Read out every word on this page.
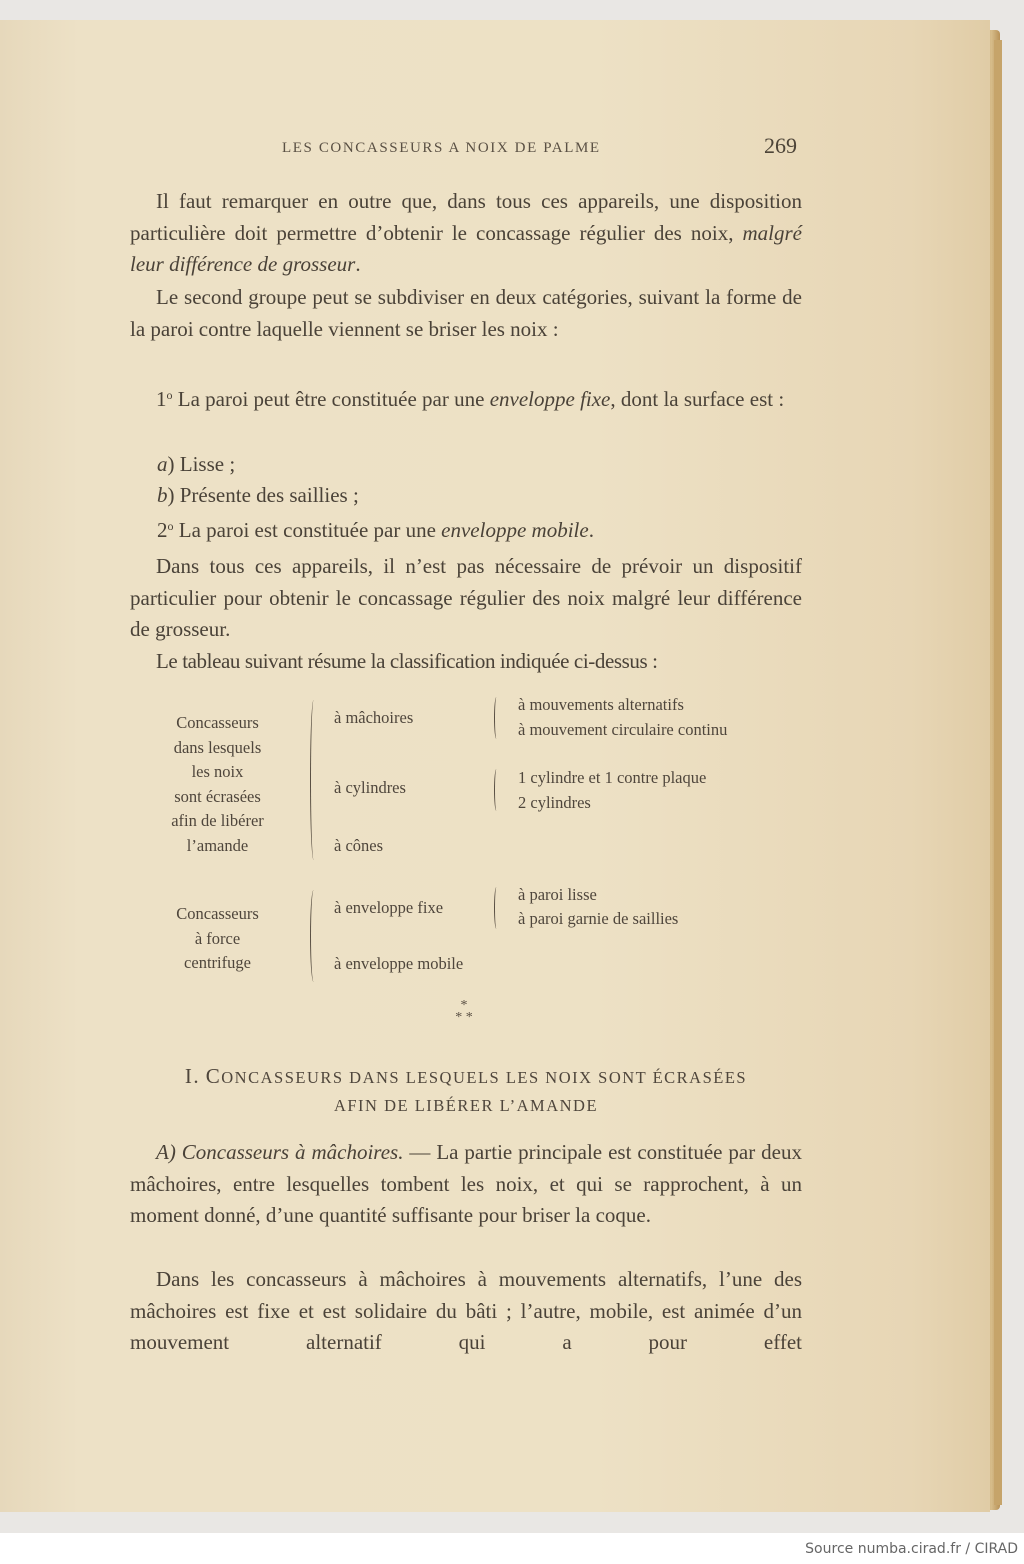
LES CONCASSEURS A NOIX DE PALME	269
Il faut remarquer en outre que, dans tous ces appareils, une disposition particulière doit permettre d’obtenir le concassage régulier des noix, malgré leur différence de grosseur.
Le second groupe peut se subdiviser en deux catégories, suivant la forme de la paroi contre laquelle viennent se briser les noix :
1$^o$ La paroi peut être constituée par une enveloppe fixe, dont la surface est :
a) Lisse ;
b) Présente des saillies ;
2$^o$ La paroi est constituée par une enveloppe mobile.
Dans tous ces appareils, il n’est pas nécessaire de prévoir un dispositif particulier pour obtenir le concassage régulier des noix malgré leur différence de grosseur.
Le tableau suivant résume la classification indiquée ci-dessus :
Concasseurs
dans lesquels
les noix
sont écrasées
afin de libérer
l’amande
à mâchoires
à mouvements alternatifs
à mouvement circulaire continu
à cylindres
1 cylindre et 1 contre plaque
2 cylindres
à cônes
Concasseurs
à force
centrifuge
à enveloppe fixe
à paroi lisse
à paroi garnie de saillies
à enveloppe mobile
*
* *
I. CONCASSEURS DANS LESQUELS LES NOIX SONT ÉCRASÉES
AFIN DE LIBÉRER L’AMANDE
A) Concasseurs à mâchoires. — La partie principale est constituée par deux mâchoires, entre lesquelles tombent les noix, et qui se rapprochent, à un moment donné, d’une quantité suffisante pour briser la coque.
Dans les concasseurs à mâchoires à mouvements alternatifs, l’une des mâchoires est fixe et est solidaire du bâti ; l’autre, mobile, est animée d’un mouvement alternatif qui a pour effet
Source numba.cirad.fr / CIRAD
